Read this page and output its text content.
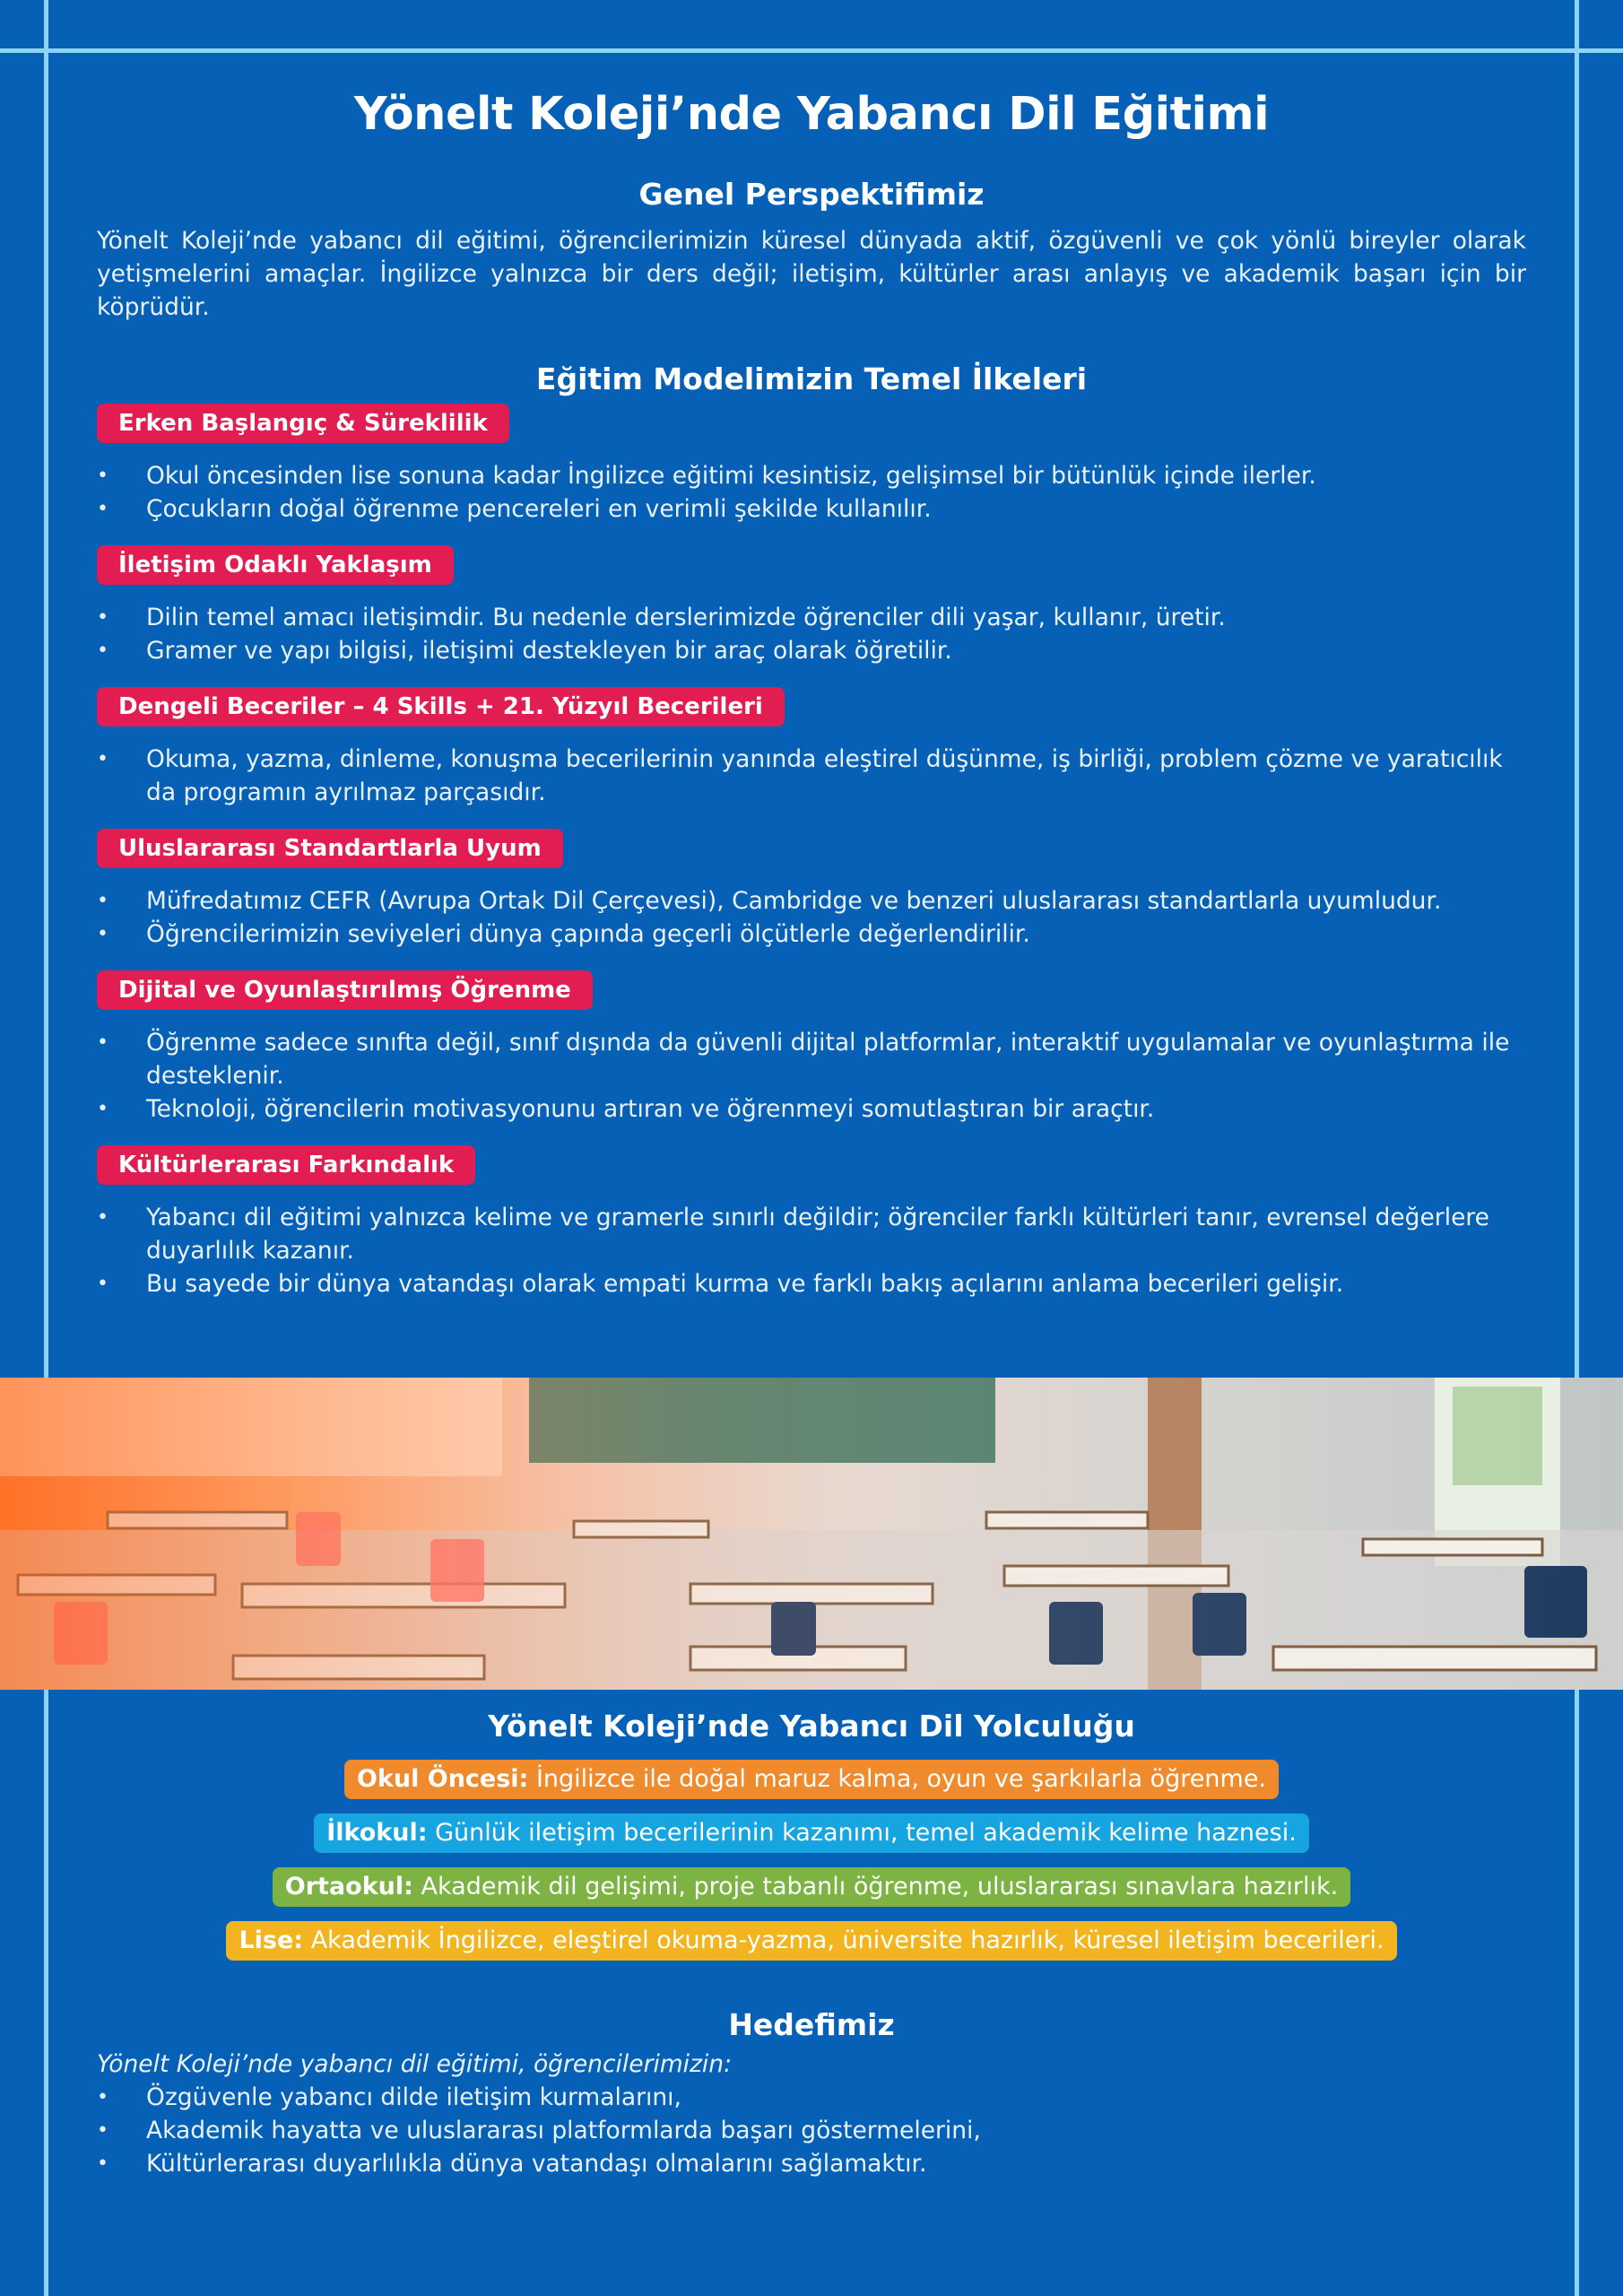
Yönelt Koleji’nde Yabancı Dil Eğitimi
Genel Perspektifimiz

Yönelt Koleji’nde yabancı dil eğitimi, öğrencilerimizin küresel dünyada aktif, özgüvenli ve çok yönlü bireyler olarak yetişmelerini amaçlar. İngilizce yalnızca bir ders değil; iletişim, kültürler arası anlayış ve akademik başarı için bir köprüdür.

Eğitim Modelimizin Temel İlkeleri
Erken Başlangıç & Süreklilik
• Okul öncesinden lise sonuna kadar İngilizce eğitimi kesintisiz, gelişimsel bir bütünlük içinde ilerler.
• Çocukların doğal öğrenme pencereleri en verimli şekilde kullanılır.
İletişim Odaklı Yaklaşım
• Dilin temel amacı iletişimdir. Bu nedenle derslerimizde öğrenciler dili yaşar, kullanır, üretir.
• Gramer ve yapı bilgisi, iletişimi destekleyen bir araç olarak öğretilir.
Dengeli Beceriler – 4 Skills + 21. Yüzyıl Becerileri
• Okuma, yazma, dinleme, konuşma becerilerinin yanında eleştirel düşünme, iş birliği, problem çözme ve yaratıcılık da programın ayrılmaz parçasıdır.
Uluslararası Standartlarla Uyum
• Müfredatımız CEFR (Avrupa Ortak Dil Çerçevesi), Cambridge ve benzeri uluslararası standartlarla uyumludur.
• Öğrencilerimizin seviyeleri dünya çapında geçerli ölçütlerle değerlendirilir.
Dijital ve Oyunlaştırılmış Öğrenme
• Öğrenme sadece sınıfta değil, sınıf dışında da güvenli dijital platformlar, interaktif uygulamalar ve oyunlaştırma ile desteklenir.
• Teknoloji, öğrencilerin motivasyonunu artıran ve öğrenmeyi somutlaştıran bir araçtır.
Kültürlerarası Farkındalık
• Yabancı dil eğitimi yalnızca kelime ve gramerle sınırlı değildir; öğrenciler farklı kültürleri tanır, evrensel değerlere duyarlılık kazanır.
• Bu sayede bir dünya vatandaşı olarak empati kurma ve farklı bakış açılarını anlama becerileri gelişir.
Yönelt Koleji’nde Yabancı Dil Yolculuğu
Okul Öncesi: İngilizce ile doğal maruz kalma, oyun ve şarkılarla öğrenme.
İlkokul: Günlük iletişim becerilerinin kazanımı, temel akademik kelime haznesi.
Ortaokul: Akademik dil gelişimi, proje tabanlı öğrenme, uluslararası sınavlara hazırlık.
Lise: Akademik İngilizce, eleştirel okuma-yazma, üniversite hazırlık, küresel iletişim becerileri.
Hedefimiz

Yönelt Koleji’nde yabancı dil eğitimi, öğrencilerimizin:

• Özgüvenle yabancı dilde iletişim kurmalarını,
• Akademik hayatta ve uluslararası platformlarda başarı göstermelerini,
• Kültürlerarası duyarlılıkla dünya vatandaşı olmalarını sağlamaktır.
